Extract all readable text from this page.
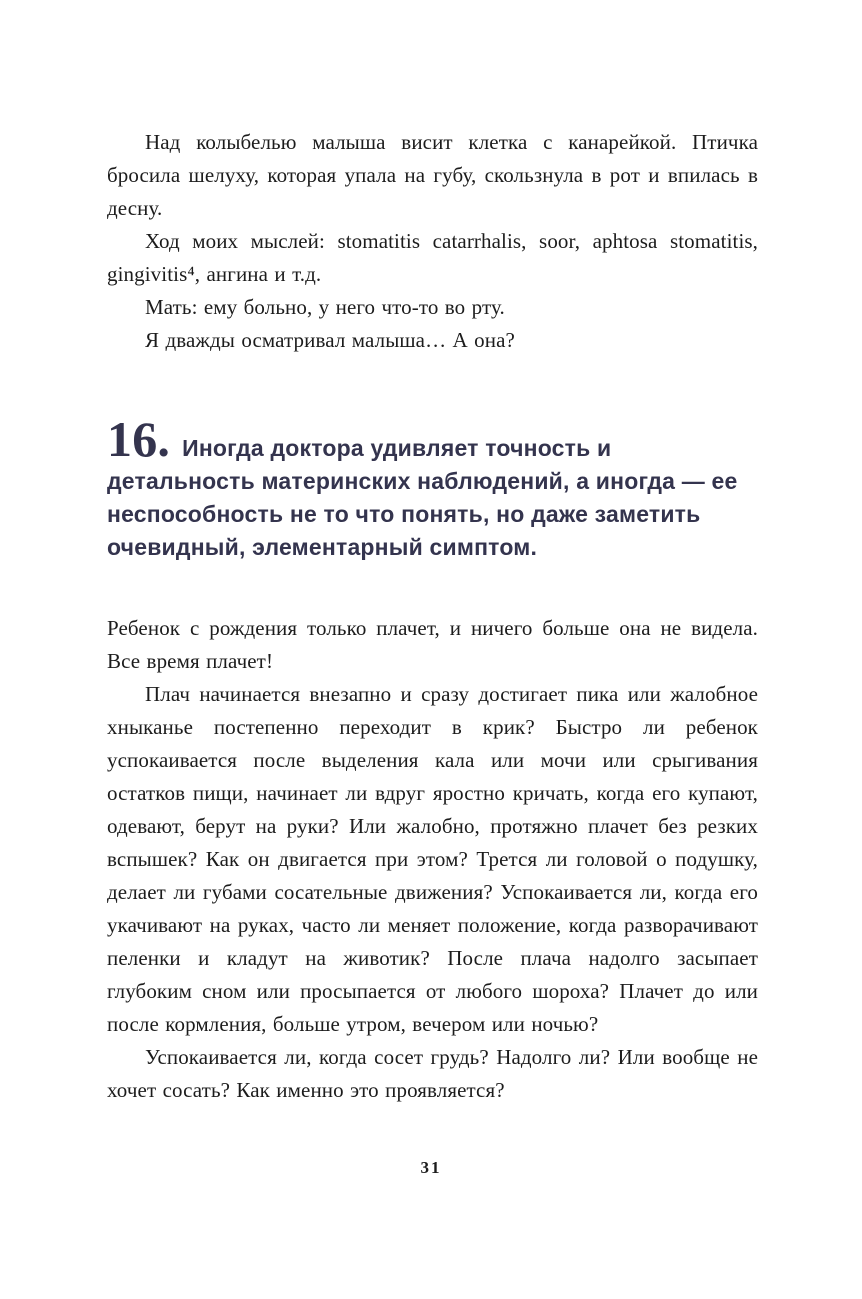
Над колыбелью малыша висит клетка с канарейкой. Птичка бросила шелуху, которая упала на губу, скользнула в рот и впилась в десну.

Ход моих мыслей: stomatitis catarrhalis, soor, aphtosa stomatitis, gingivitis⁴, ангина и т.д.

Мать: ему больно, у него что-то во рту.

Я дважды осматривал малыша… А она?

16. Иногда доктора удивляет точность и детальность материнских наблюдений, а иногда — ее неспособность не то что понять, но даже заметить очевидный, элементарный симптом.

Ребенок с рождения только плачет, и ничего больше она не видела. Все время плачет!

Плач начинается внезапно и сразу достигает пика или жалобное хныканье постепенно переходит в крик? Быстро ли ребенок успокаивается после выделения кала или мочи или срыгивания остатков пищи, начинает ли вдруг яростно кричать, когда его купают, одевают, берут на руки? Или жалобно, протяжно плачет без резких вспышек? Как он двигается при этом? Трется ли головой о подушку, делает ли губами сосательные движения? Успокаивается ли, когда его укачивают на руках, часто ли меняет положение, когда разворачивают пеленки и кладут на животик? После плача надолго засыпает глубоким сном или просыпается от любого шороха? Плачет до или после кормления, больше утром, вечером или ночью?

Успокаивается ли, когда сосет грудь? Надолго ли? Или вообще не хочет сосать? Как именно это проявляется?

31
